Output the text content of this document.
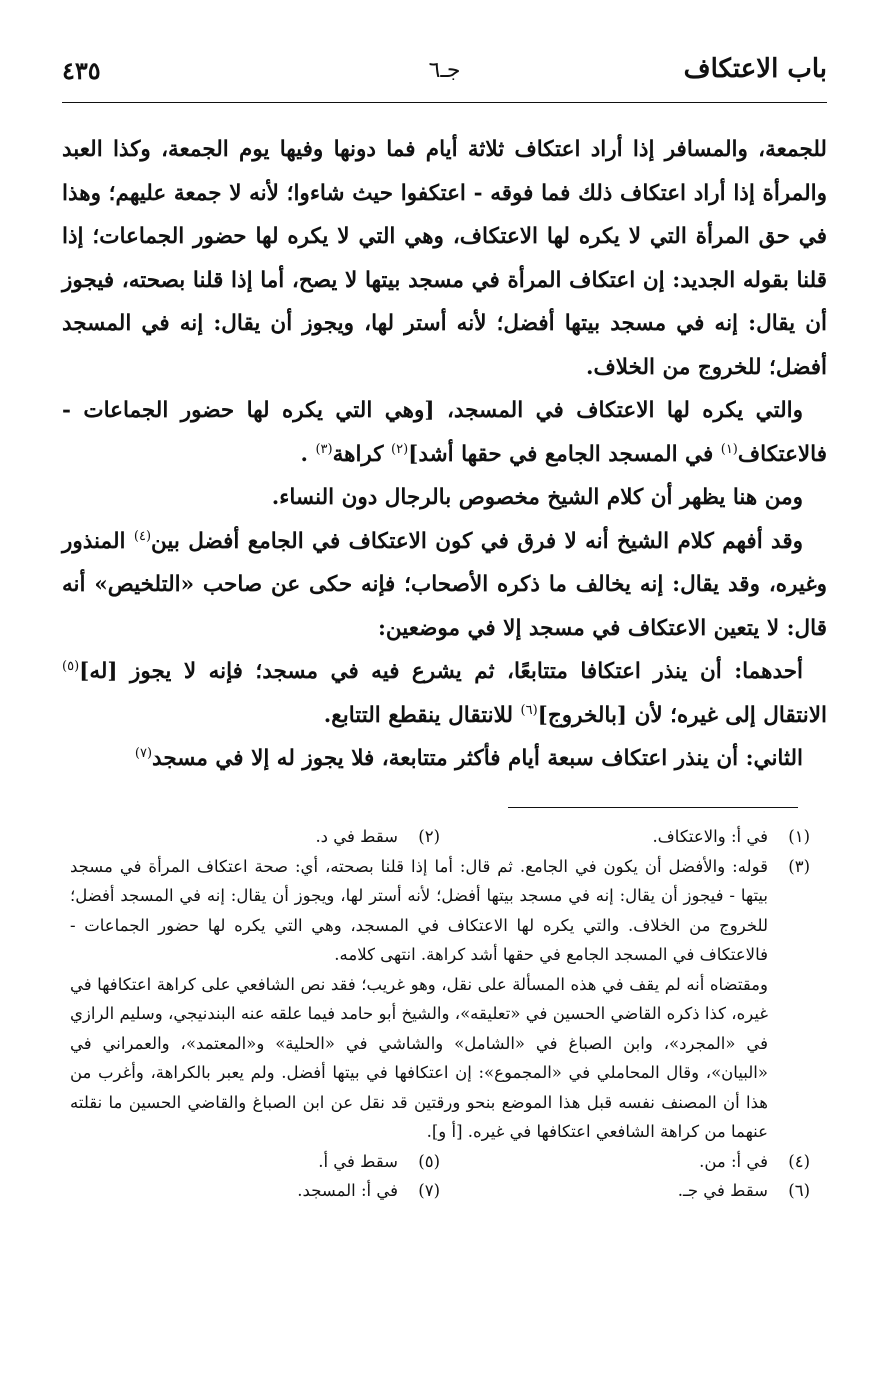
باب الاعتكاف
جـ٦
٤٣٥

للجمعة، والمسافر إذا أراد اعتكاف ثلاثة أيام فما دونها وفيها يوم الجمعة، وكذا العبد والمرأة إذا أراد اعتكاف ذلك فما فوقه - اعتكفوا حيث شاءوا؛ لأنه لا جمعة عليهم؛ وهذا في حق المرأة التي لا يكره لها الاعتكاف، وهي التي لا يكره لها حضور الجماعات؛ إذا قلنا بقوله الجديد: إن اعتكاف المرأة في مسجد بيتها لا يصح، أما إذا قلنا بصحته، فيجوز أن يقال: إنه في مسجد بيتها أفضل؛ لأنه أستر لها، ويجوز أن يقال: إنه في المسجد أفضل؛ للخروج من الخلاف.

والتي يكره لها الاعتكاف في المسجد، [وهي التي يكره لها حضور الجماعات - فالاعتكاف$^{(١)}$ في المسجد الجامع في حقها أشد]$^{(٢)}$ كراهة$^{(٣)}$ .

ومن هنا يظهر أن كلام الشيخ مخصوص بالرجال دون النساء.

وقد أفهم كلام الشيخ أنه لا فرق في كون الاعتكاف في الجامع أفضل بين$^{(٤)}$ المنذور وغيره، وقد يقال: إنه يخالف ما ذكره الأصحاب؛ فإنه حكى عن صاحب «التلخيص» أنه قال: لا يتعين الاعتكاف في مسجد إلا في موضعين:

أحدهما: أن ينذر اعتكافا متتابعًا، ثم يشرع فيه في مسجد؛ فإنه لا يجوز [له]$^{(٥)}$ الانتقال إلى غيره؛ لأن [بالخروج]$^{(٦)}$ للانتقال ينقطع التتابع.

الثاني: أن ينذر اعتكاف سبعة أيام فأكثر متتابعة، فلا يجوز له إلا في مسجد$^{(٧)}$

(١)
في أ: والاعتكاف.
(٢)
سقط في د.
(٣)
قوله: والأفضل أن يكون في الجامع. ثم قال: أما إذا قلنا بصحته، أي: صحة اعتكاف المرأة في مسجد بيتها - فيجوز أن يقال: إنه في مسجد بيتها أفضل؛ لأنه أستر لها، ويجوز أن يقال: إنه في المسجد أفضل؛ للخروج من الخلاف. والتي يكره لها الاعتكاف في المسجد، وهي التي يكره لها حضور الجماعات - فالاعتكاف في المسجد الجامع في حقها أشد كراهة. انتهى كلامه.
ومقتضاه أنه لم يقف في هذه المسألة على نقل، وهو غريب؛ فقد نص الشافعي على كراهة اعتكافها في غيره، كذا ذكره القاضي الحسين في «تعليقه»، والشيخ أبو حامد فيما علقه عنه البندنيجي، وسليم الرازي في «المجرد»، وابن الصباغ في «الشامل» والشاشي في «الحلية» و«المعتمد»، والعمراني في «البيان»، وقال المحاملي في «المجموع»: إن اعتكافها في بيتها أفضل. ولم يعبر بالكراهة، وأغرب من هذا أن المصنف نفسه قبل هذا الموضع بنحو ورقتين قد نقل عن ابن الصباغ والقاضي الحسين ما نقلته عنهما من كراهة الشافعي اعتكافها في غيره. [أ و].
(٤)
في أ: من.
(٥)
سقط في أ.
(٦)
سقط في جـ.
(٧)
في أ: المسجد.
